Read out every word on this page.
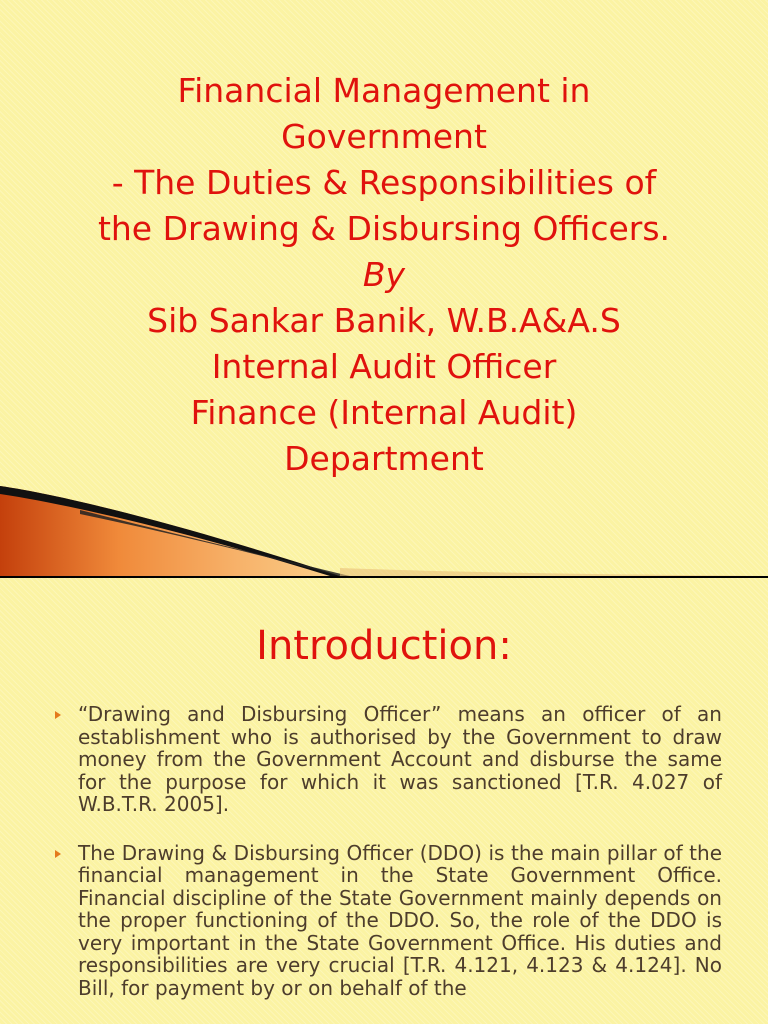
Financial Management in
Government
- The Duties & Responsibilities of
the Drawing & Disbursing Officers.
By
Sib Sankar Banik, W.B.A&A.S
Internal Audit Officer
Finance (Internal Audit)
Department
Introduction:
“Drawing and Disbursing Officer” means an officer of an establishment who is authorised by the Government to draw money from the Government Account and disburse the same for the purpose for which it was sanctioned [T.R. 4.027 of W.B.T.R. 2005].
The Drawing & Disbursing Officer (DDO) is the main pillar of the financial management in the State Government Office. Financial discipline of the State Government mainly depends on the proper functioning of the DDO. So, the role of the DDO is very important in the State Government Office. His duties and responsibilities are very crucial [T.R. 4.121, 4.123 & 4.124]. No Bill, for payment by or on behalf of the
